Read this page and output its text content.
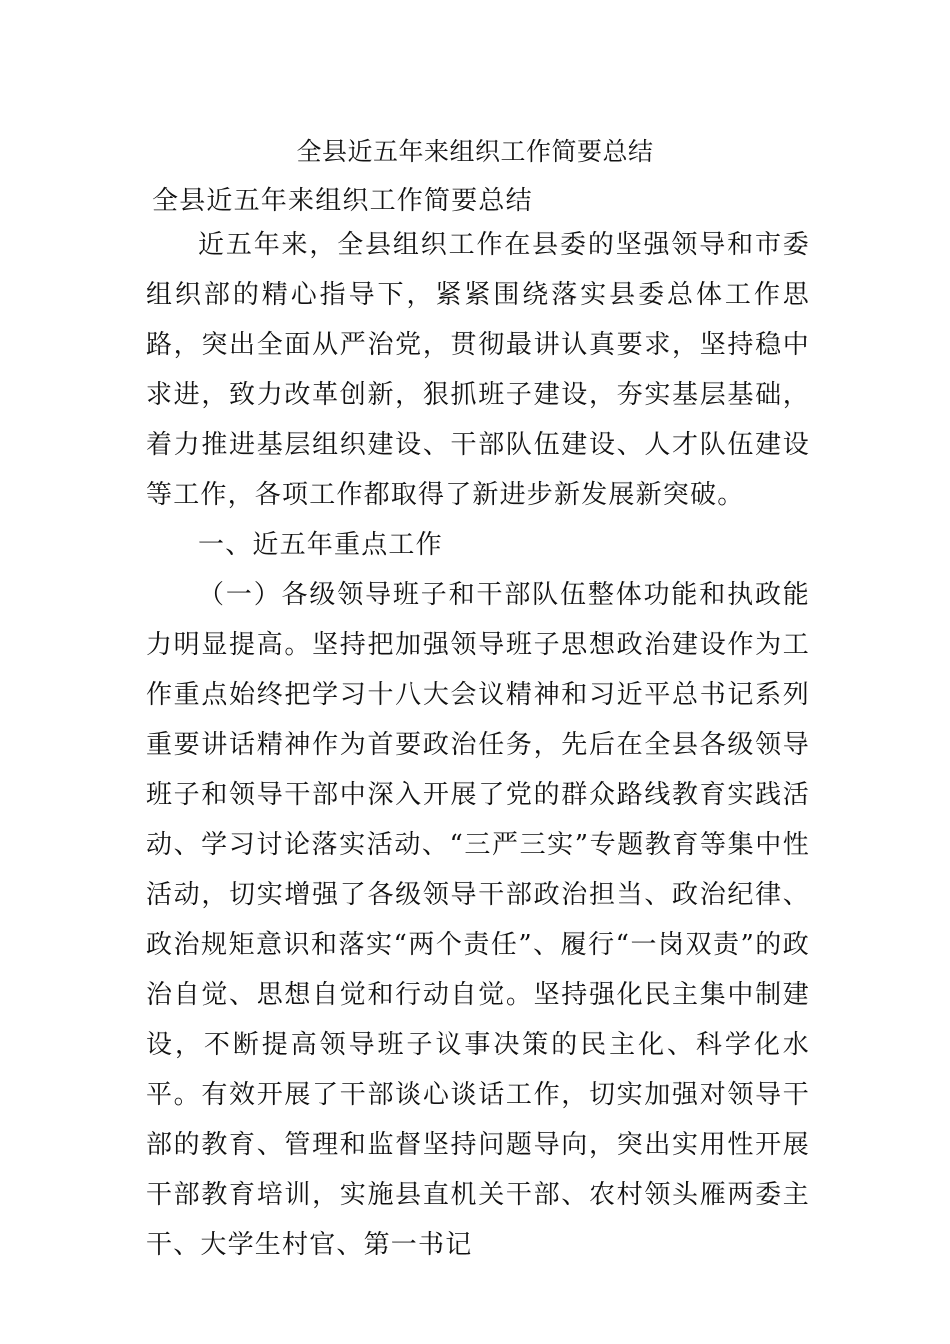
全县近五年来组织工作简要总结
全县近五年来组织工作简要总结

近五年来，全县组织工作在县委的坚强领导和市委组织部的精心指导下，紧紧围绕落实县委总体工作思路，突出全面从严治党，贯彻最讲认真要求，坚持稳中求进，致力改革创新，狠抓班子建设，夯实基层基础，着力推进基层组织建设、干部队伍建设、人才队伍建设等工作，各项工作都取得了新进步新发展新突破。

一、近五年重点工作

（一）各级领导班子和干部队伍整体功能和执政能力明显提高。坚持把加强领导班子思想政治建设作为工作重点始终把学习十八大会议精神和习近平总书记系列重要讲话精神作为首要政治任务，先后在全县各级领导班子和领导干部中深入开展了党的群众路线教育实践活动、学习讨论落实活动、“三严三实”专题教育等集中性活动，切实增强了各级领导干部政治担当、政治纪律、政治规矩意识和落实“两个责任”、履行“一岗双责”的政治自觉、思想自觉和行动自觉。坚持强化民主集中制建设，不断提高领导班子议事决策的民主化、科学化水平。有效开展了干部谈心谈话工作，切实加强对领导干部的教育、管理和监督坚持问题导向，突出实用性开展干部教育培训，实施县直机关干部、农村领头雁两委主干、大学生村官、第一书记
